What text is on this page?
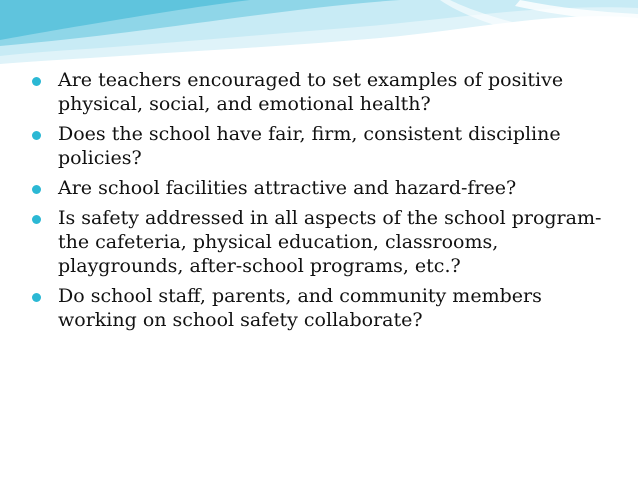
Are teachers encouraged to set examples of positive physical, social, and emotional health?
Does the school have fair, firm, consistent discipline policies?
Are school facilities attractive and hazard-free?
Is safety addressed in all aspects of the school program-the cafeteria, physical education, classrooms, playgrounds, after-school programs, etc.?
Do school staff, parents, and community members working on school safety collaborate?
